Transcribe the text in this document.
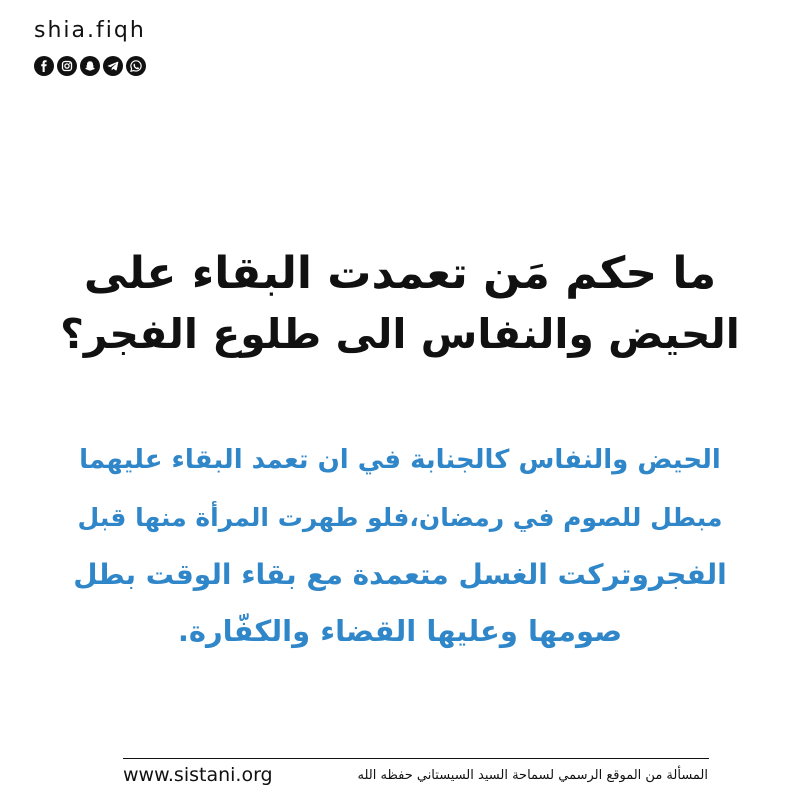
shia.fiqh
ما حكم مَن تعمدت البقاء على
الحيض والنفاس الى طلوع الفجر؟
الحيض والنفاس كالجنابة في ان تعمد البقاء عليهما
مبطل للصوم في رمضان،فلو طهرت المرأة منها قبل
الفجروتركت الغسل متعمدة مع بقاء الوقت بطل
صومها وعليها القضاء والكفّارة.
www.sistani.org	المسألة من الموقع الرسمي لسماحة السيد السيستاني حفظه الله
